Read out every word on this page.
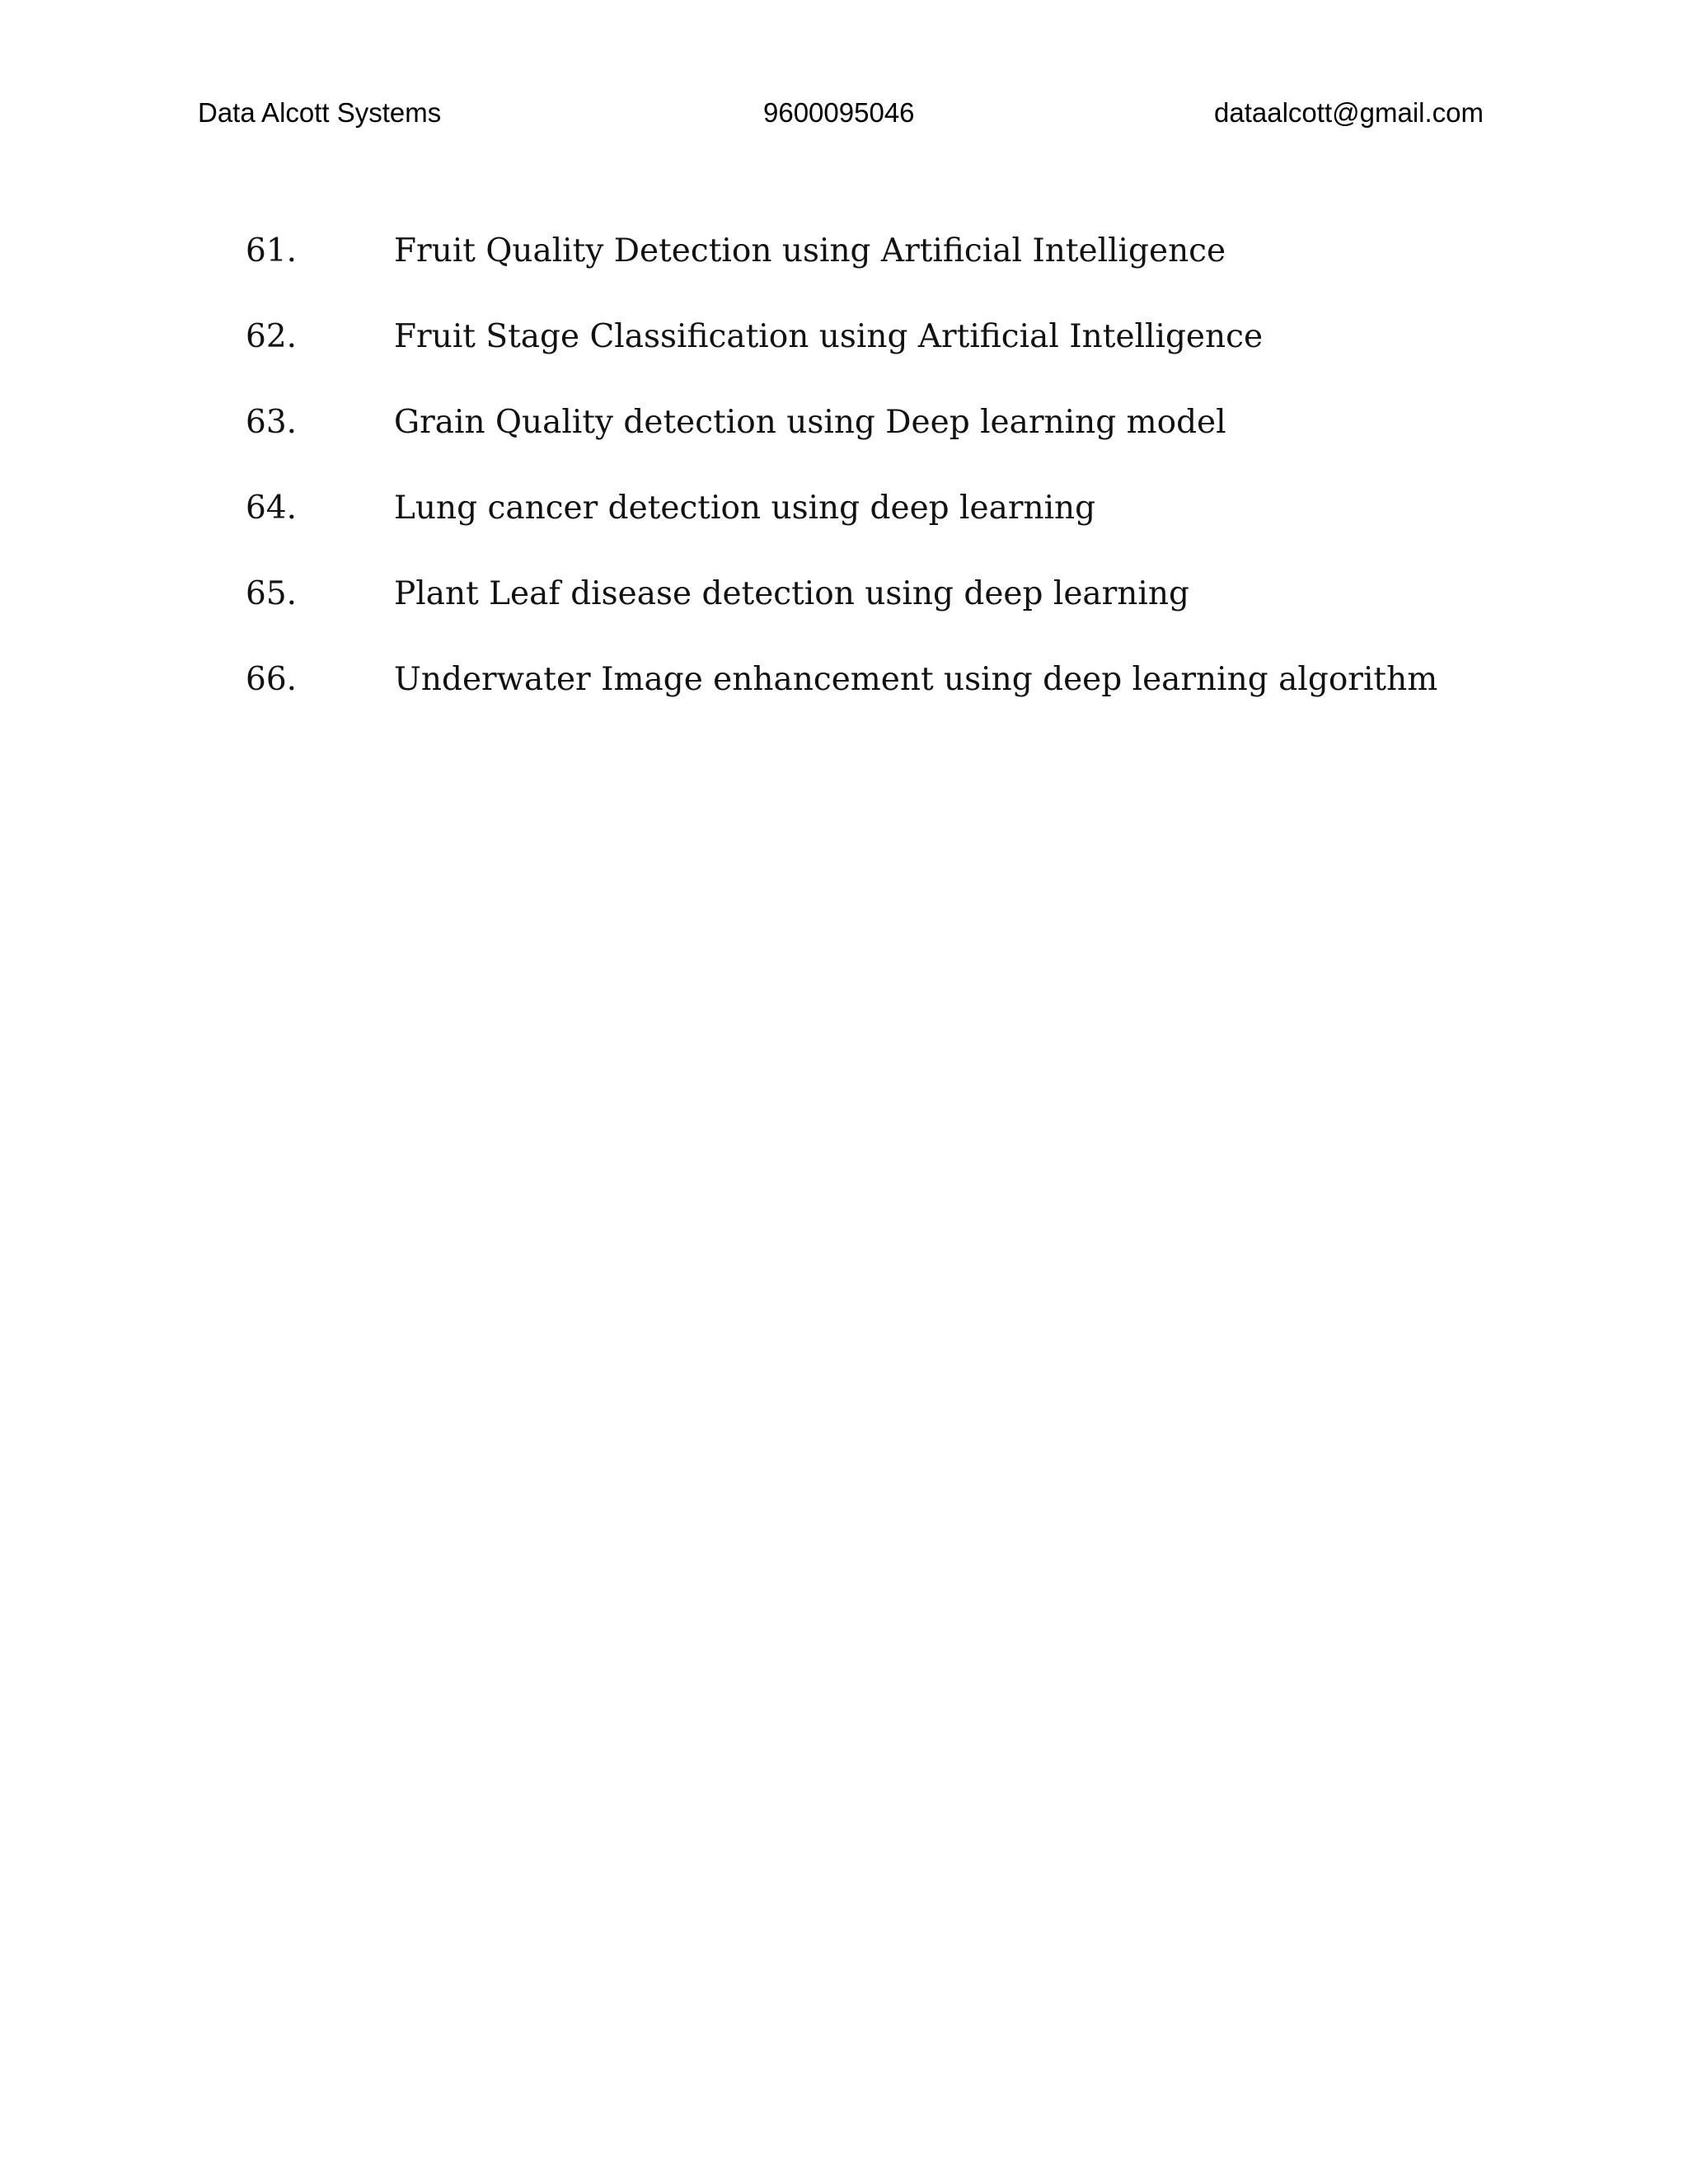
Data Alcott Systems	9600095046	dataalcott@gmail.com
61.	Fruit Quality Detection using Artificial Intelligence
62.	Fruit Stage Classification using Artificial Intelligence
63.	Grain Quality detection using Deep learning model
64.	Lung cancer detection using deep learning
65.	Plant Leaf disease detection using deep learning
66.	Underwater Image enhancement using deep learning algorithm
